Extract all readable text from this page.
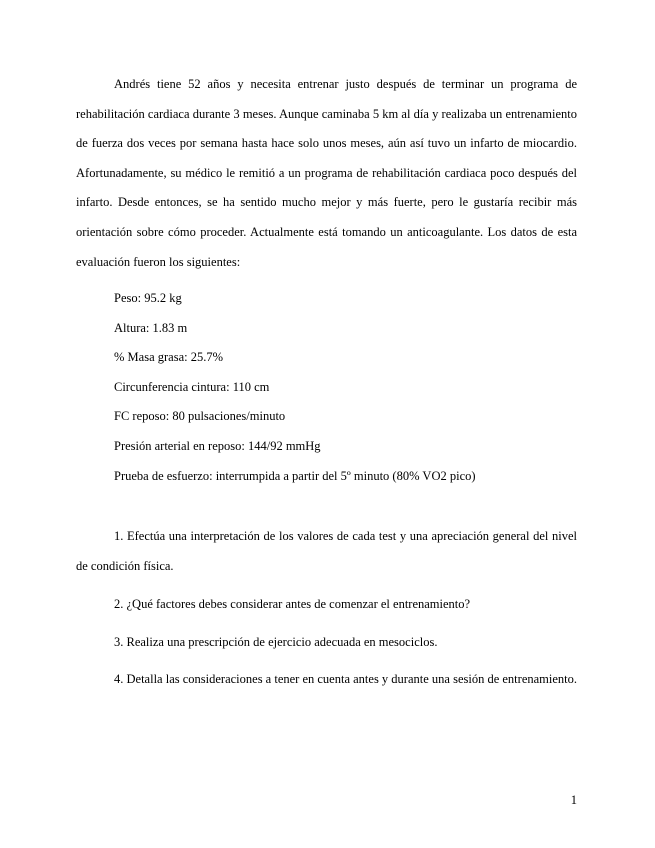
Andrés tiene 52 años y necesita entrenar justo después de terminar un programa de rehabilitación cardiaca durante 3 meses. Aunque caminaba 5 km al día y realizaba un entrenamiento de fuerza dos veces por semana hasta hace solo unos meses, aún así tuvo un infarto de miocardio. Afortunadamente, su médico le remitió a un programa de rehabilitación cardiaca poco después del infarto. Desde entonces, se ha sentido mucho mejor y más fuerte, pero le gustaría recibir más orientación sobre cómo proceder. Actualmente está tomando un anticoagulante. Los datos de esta evaluación fueron los siguientes:

Peso: 95.2 kg
Altura: 1.83 m
% Masa grasa: 25.7%
Circunferencia cintura: 110 cm
FC reposo: 80 pulsaciones/minuto
Presión arterial en reposo: 144/92 mmHg
Prueba de esfuerzo: interrumpida a partir del 5º minuto (80% VO2 pico)

1. Efectúa una interpretación de los valores de cada test y una apreciación general del nivel de condición física.

2. ¿Qué factores debes considerar antes de comenzar el entrenamiento?

3. Realiza una prescripción de ejercicio adecuada en mesociclos.

4. Detalla las consideraciones a tener en cuenta antes y durante una sesión de entrenamiento.

1
